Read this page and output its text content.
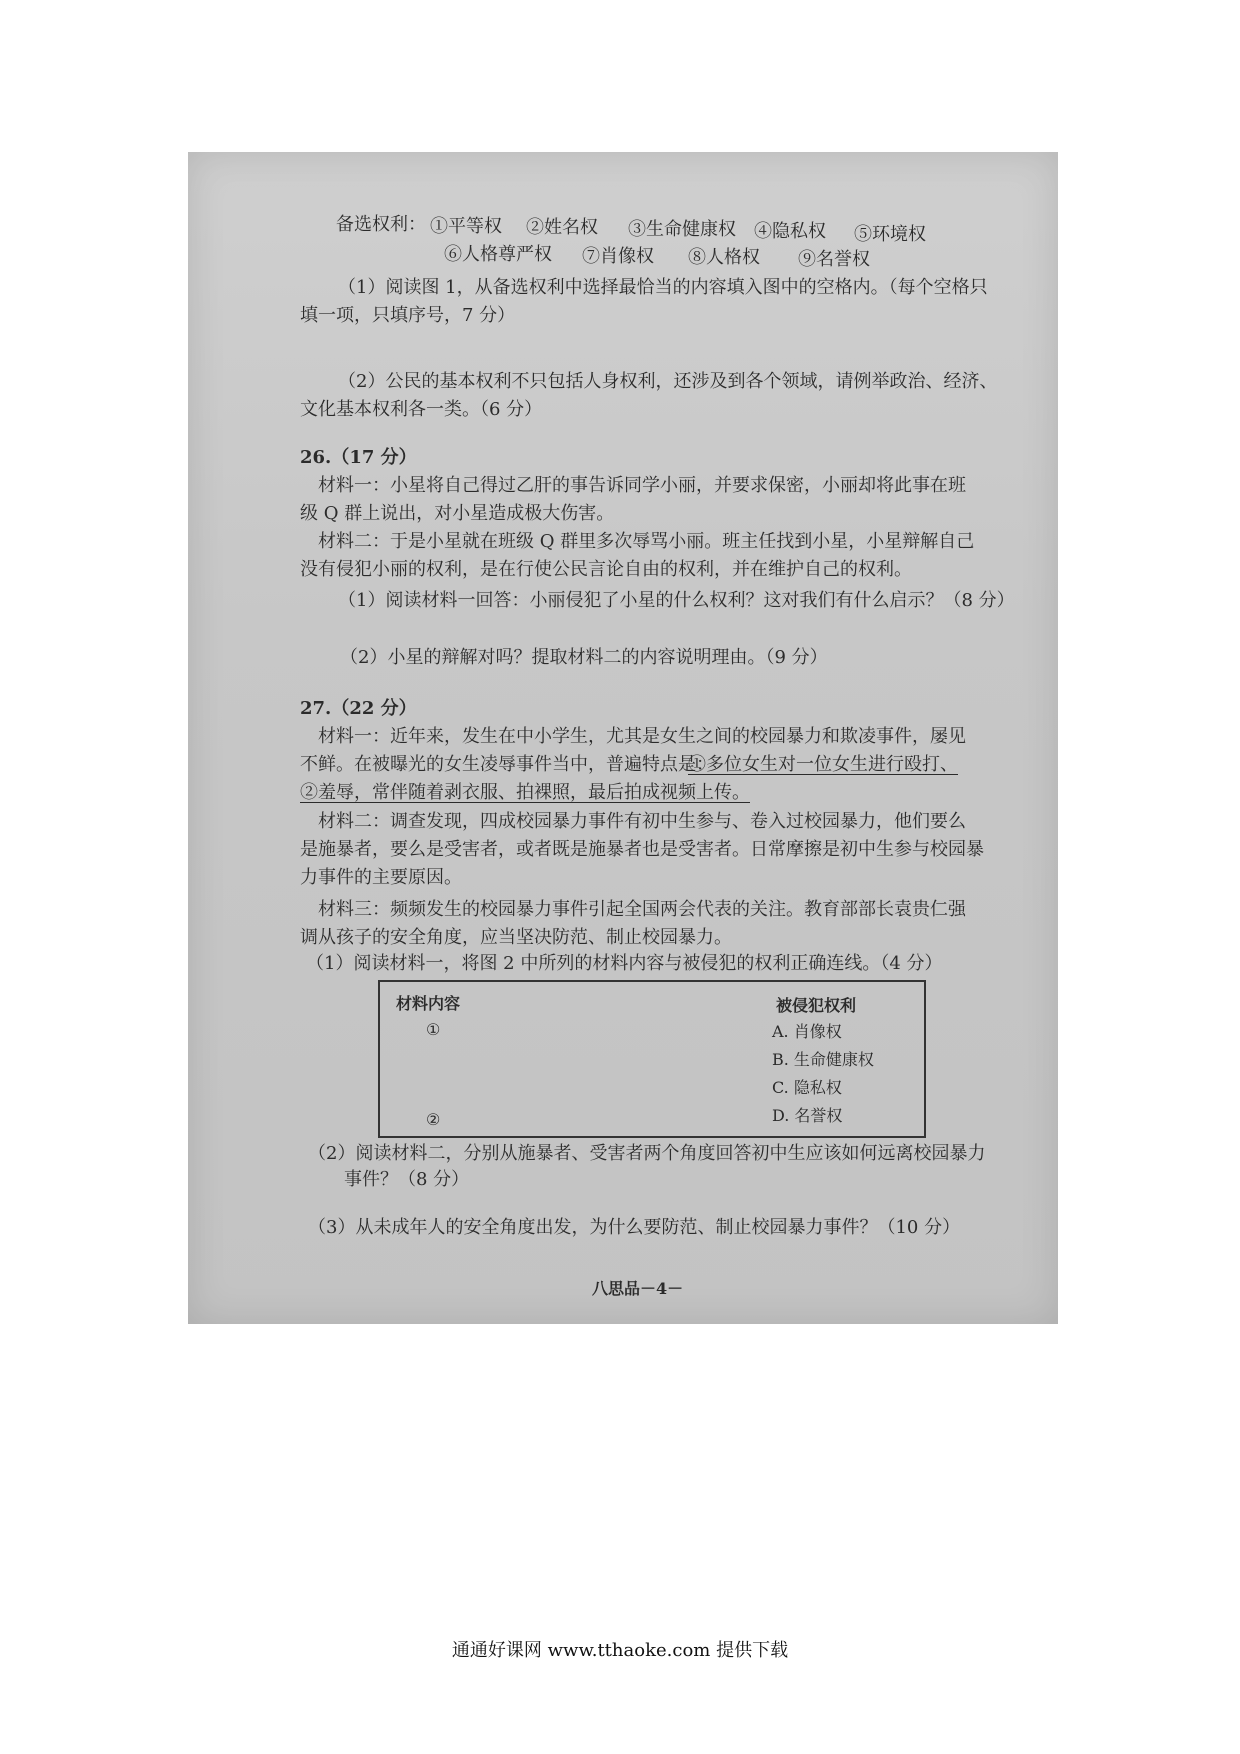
备选权利： ①平等权 ②姓名权 ③生命健康权 ④隐私权 ⑤环境权
⑥人格尊严权 ⑦肖像权 ⑧人格权 ⑨名誉权
（1）阅读图 1，从备选权利中选择最恰当的内容填入图中的空格内。（每个空格只
填一项，只填序号，7 分）
（2）公民的基本权利不只包括人身权利，还涉及到各个领域，请例举政治、经济、
文化基本权利各一类。（6 分）
26.（17 分）
材料一：小星将自己得过乙肝的事告诉同学小丽，并要求保密，小丽却将此事在班
级 Q 群上说出，对小星造成极大伤害。
材料二：于是小星就在班级 Q 群里多次辱骂小丽。班主任找到小星，小星辩解自己
没有侵犯小丽的权利，是在行使公民言论自由的权利，并在维护自己的权利。
（1）阅读材料一回答：小丽侵犯了小星的什么权利？这对我们有什么启示？（8 分）
（2）小星的辩解对吗？提取材料二的内容说明理由。（9 分）
27.（22 分）
材料一：近年来，发生在中小学生，尤其是女生之间的校园暴力和欺凌事件，屡见
不鲜。在被曝光的女生凌辱事件当中，普遍特点是：
①多位女生对一位女生进行殴打、
②羞辱，常伴随着剥衣服、拍裸照，最后拍成视频上传。
材料二：调查发现，四成校园暴力事件有初中生参与、卷入过校园暴力，他们要么
是施暴者，要么是受害者，或者既是施暴者也是受害者。日常摩擦是初中生参与校园暴
力事件的主要原因。
材料三：频频发生的校园暴力事件引起全国两会代表的关注。教育部部长袁贵仁强
调从孩子的安全角度，应当坚决防范、制止校园暴力。
（1）阅读材料一，将图 2 中所列的材料内容与被侵犯的权利正确连线。（4 分）
材料内容	被侵犯权利
①
②
A. 肖像权
B. 生命健康权
C. 隐私权
D. 名誉权
（2）阅读材料二，分别从施暴者、受害者两个角度回答初中生应该如何远离校园暴力
事件？（8 分）
（3）从未成年人的安全角度出发，为什么要防范、制止校园暴力事件？（10 分）
八思品－4－
通通好课网 www.tthaoke.com 提供下载
